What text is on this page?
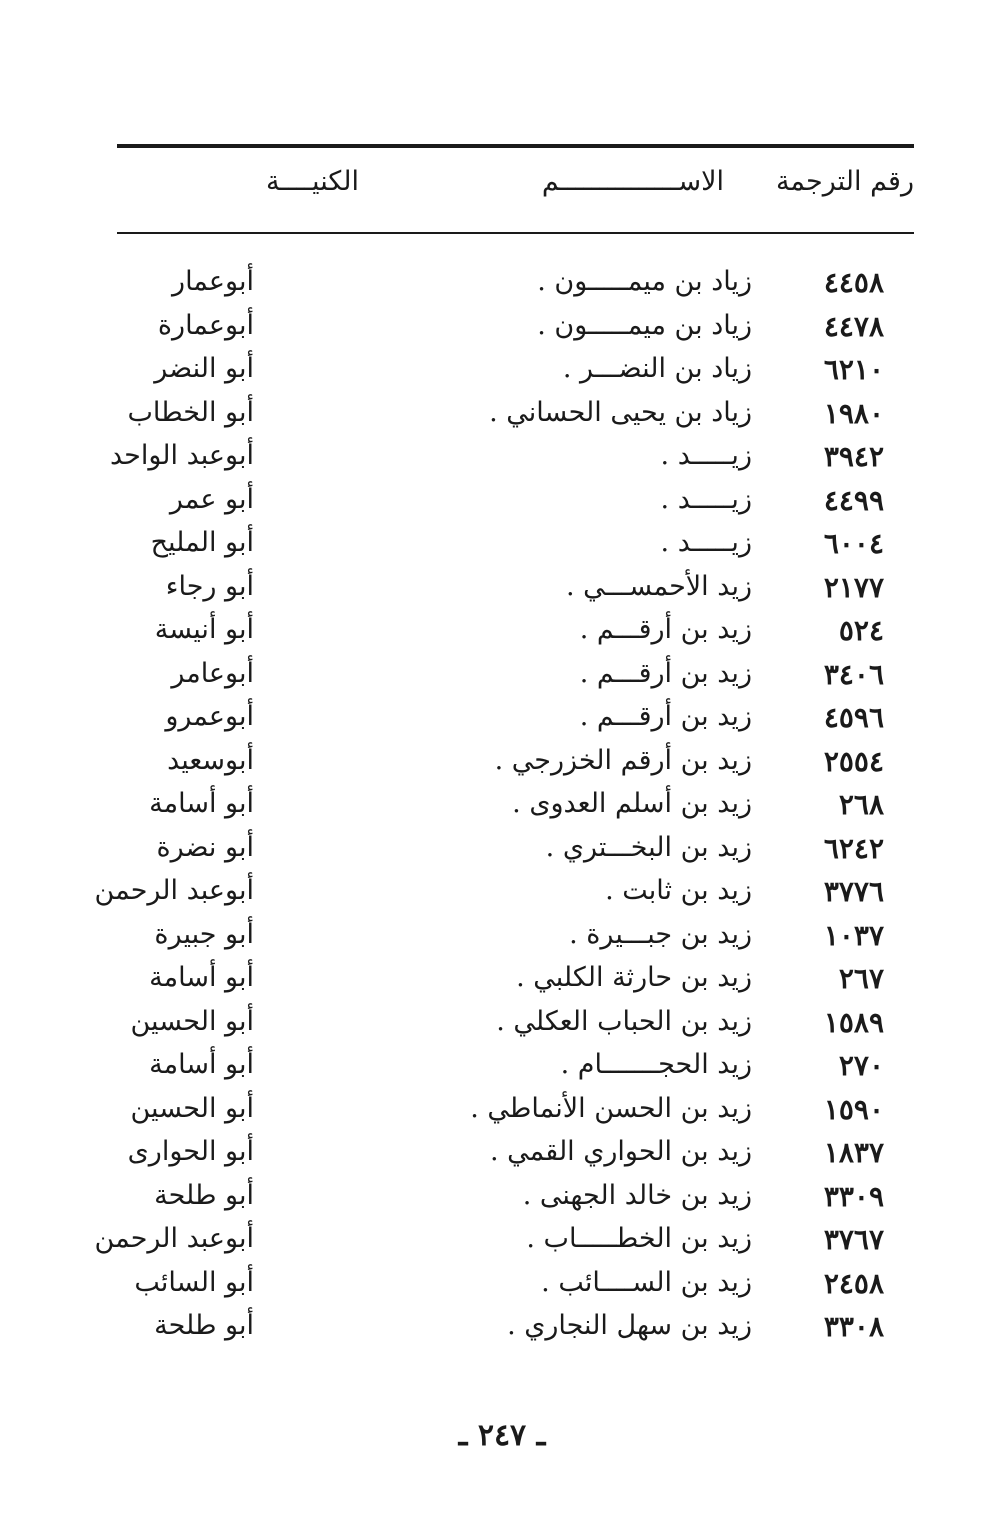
رقم الترجمة
الاســـــــــــــــم
الكنيــــة
٤٤٥٨
زياد بن ميمـــــون .
أبوعمار
٤٤٧٨
زياد بن ميمـــــون .
أبوعمارة
٦٢١٠
زياد بن النضـــر .
أبو النضر
١٩٨٠
زياد بن يحيى الحساني .
أبو الخطاب
٣٩٤٢
زيـــــد .
أبوعبد الواحد
٤٤٩٩
زيـــــد .
أبو عمر
٦٠٠٤
زيـــــد .
أبو المليح
٢١٧٧
زيد الأحمســـي .
أبو رجاء
٥٢٤
زيد بن أرقـــم .
أبو أنيسة
٣٤٠٦
زيد بن أرقـــم .
أبوعامر
٤٥٩٦
زيد بن أرقـــم .
أبوعمرو
٢٥٥٤
زيد بن أرقم الخزرجي .
أبوسعيد
٢٦٨
زيد بن أسلم العدوى .
أبو أسامة
٦٢٤٢
زيد بن البخـــتري .
أبو نضرة
٣٧٧٦
زيد بن ثابت .
أبوعبد الرحمن
١٠٣٧
زيد بن جبـــيرة .
أبو جبيرة
٢٦٧
زيد بن حارثة الكلبي .
أبو أسامة
١٥٨٩
زيد بن الحباب العكلي .
أبو الحسين
٢٧٠
زيد الحجـــــــام .
أبو أسامة
١٥٩٠
زيد بن الحسن الأنماطي .
أبو الحسين
١٨٣٧
زيد بن الحواري القمي .
أبو الحوارى
٣٣٠٩
زيد بن خالد الجهنى .
أبو طلحة
٣٧٦٧
زيد بن الخطـــــاب .
أبوعبد الرحمن
٢٤٥٨
زيد بن الســــائب .
أبو السائب
٣٣٠٨
زيد بن سهل النجاري .
أبو طلحة
ـ ٢٤٧ ـ
